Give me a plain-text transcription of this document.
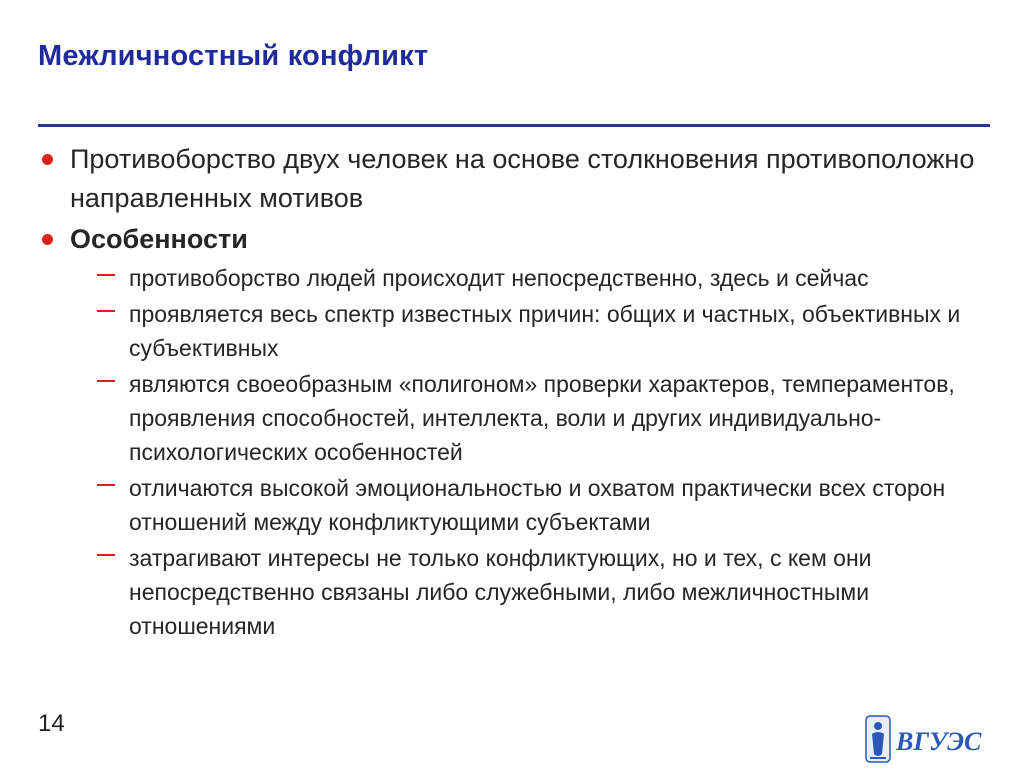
Межличностный конфликт
Противоборство двух человек на основе столкновения противоположно направленных мотивов
Особенности
противоборство людей происходит непосредственно, здесь и сейчас
проявляется весь спектр известных причин: общих и частных, объективных и субъективных
являются своеобразным «полигоном» проверки характеров, темпераментов, проявления способностей, интеллекта, воли и других индивидуально-психологических особенностей
отличаются высокой эмоциональностью и охватом практически всех сторон отношений между конфликтующими субъектами
затрагивают интересы не только конфликтующих, но и тех, с кем они непосредственно связаны либо служебными, либо межличностными отношениями
14
ВГУЭС
